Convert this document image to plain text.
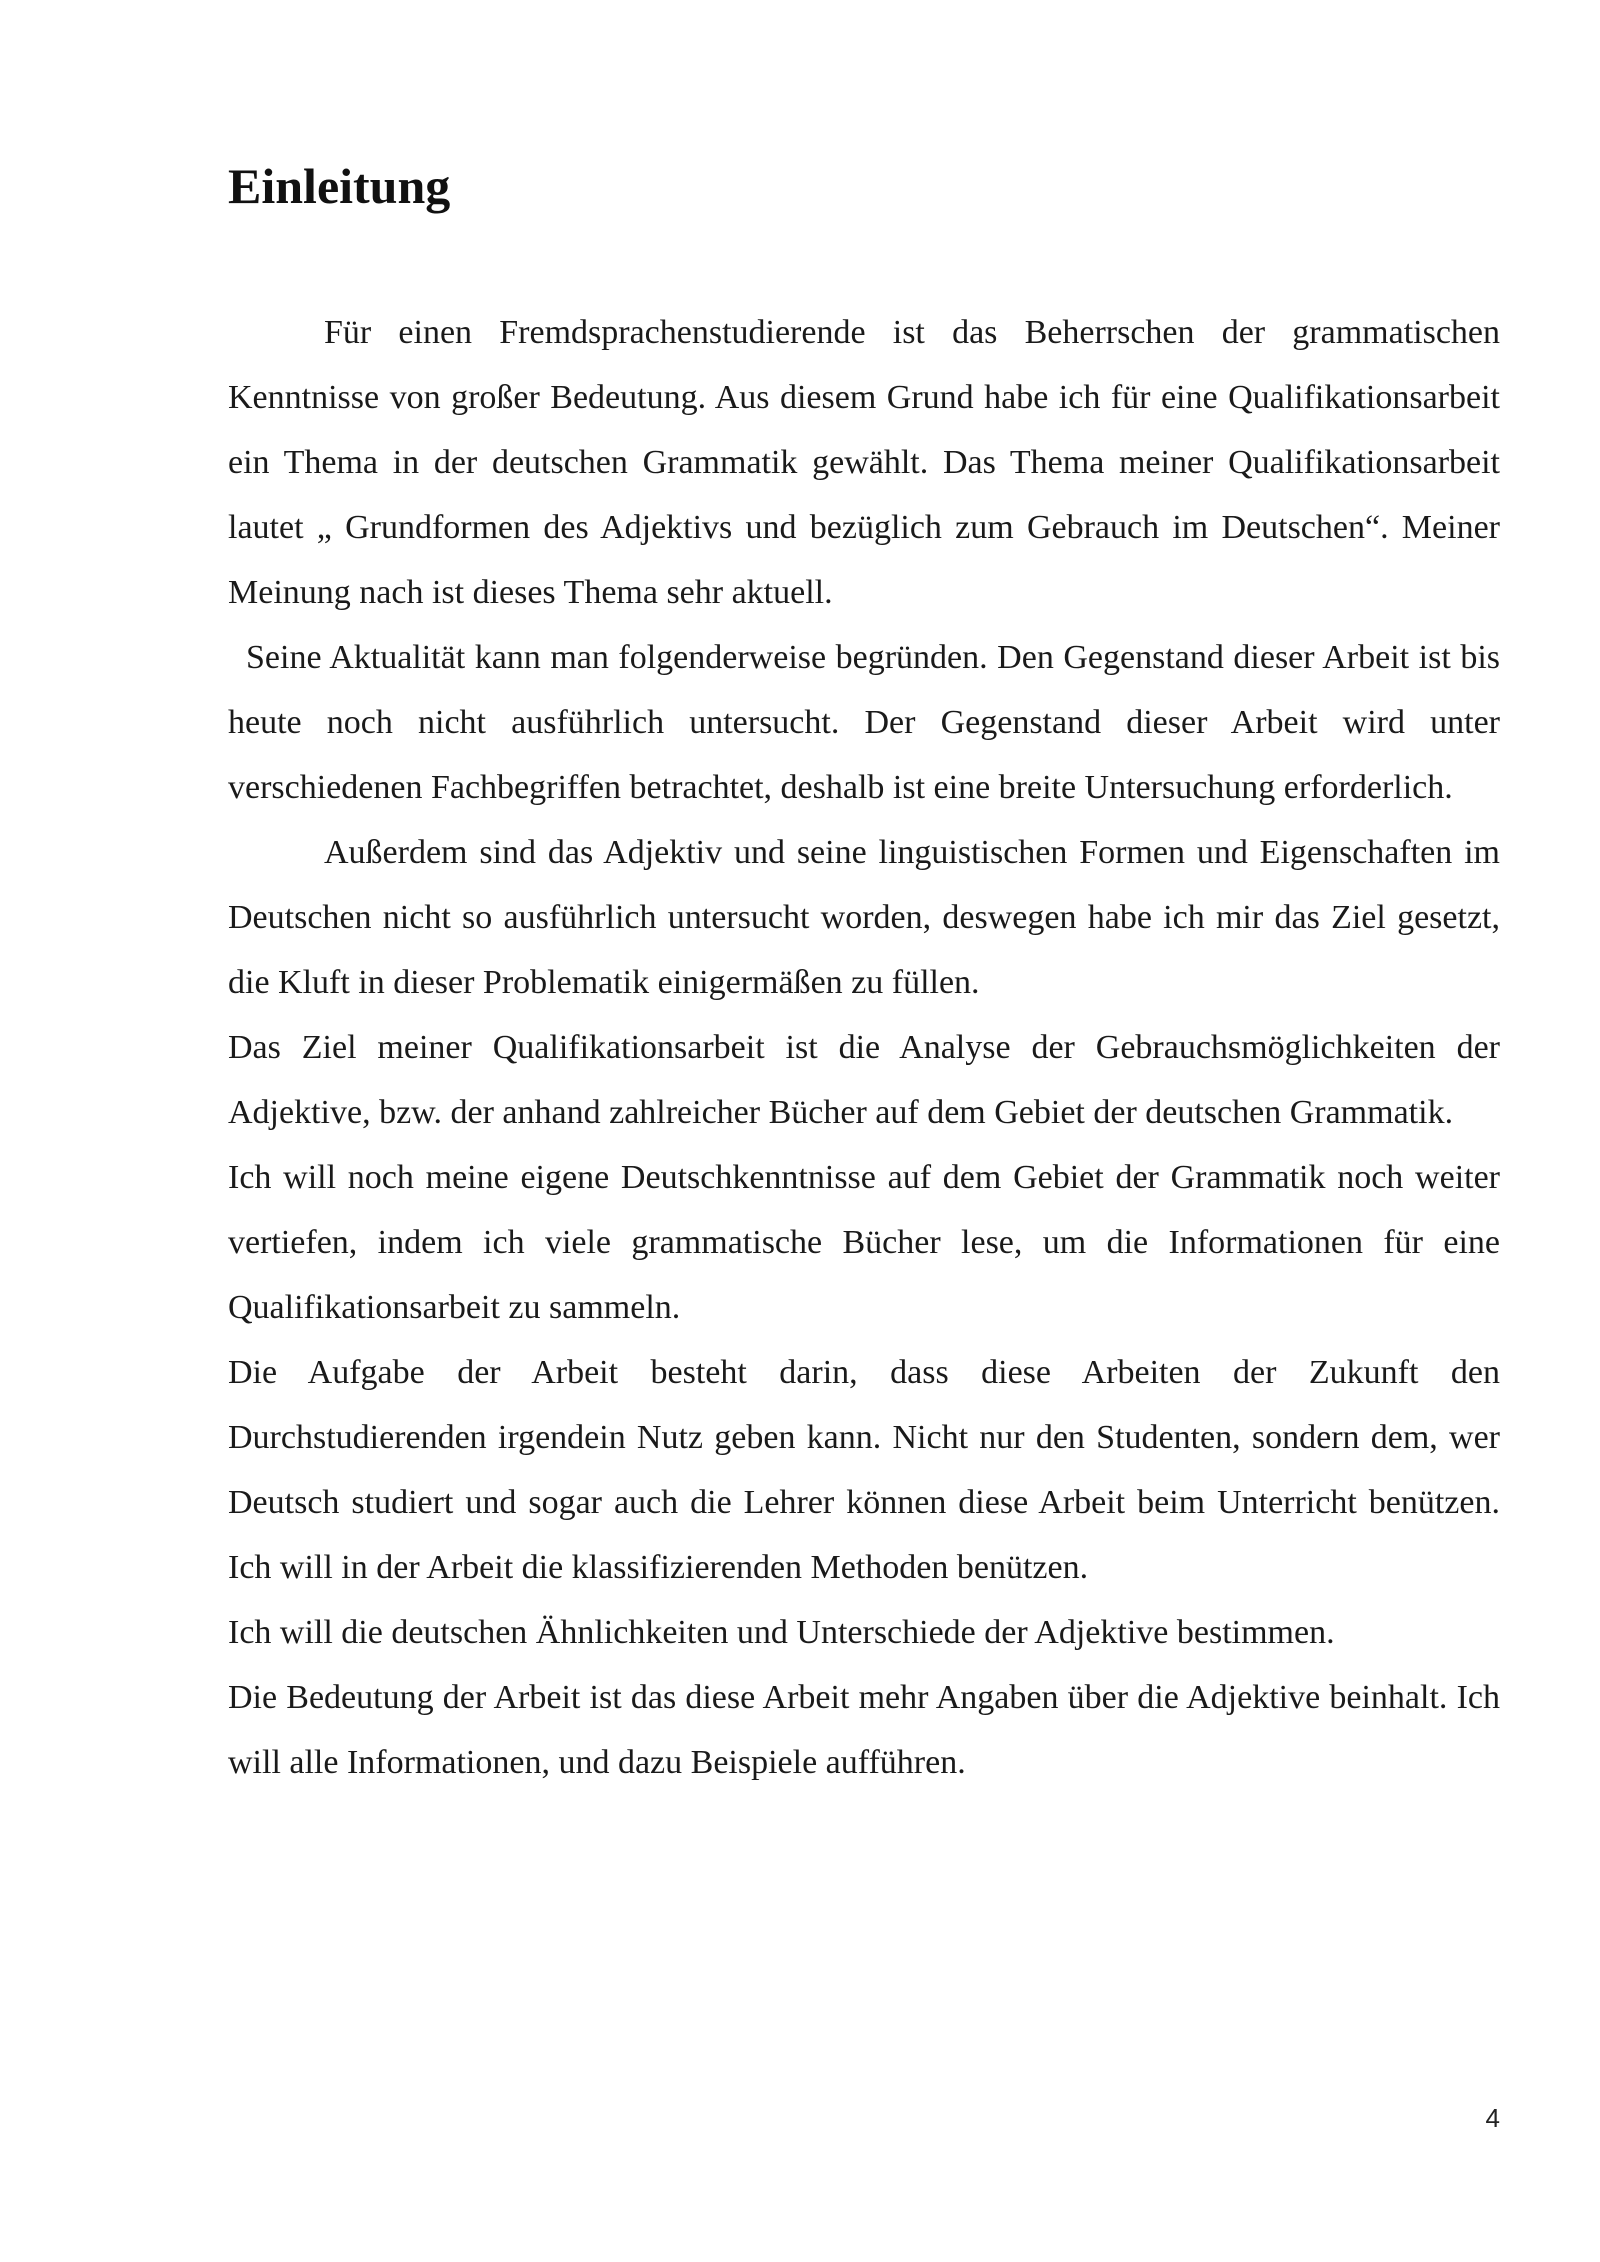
Einleitung

Für einen Fremdsprachenstudierende ist das Beherrschen der grammatischen Kenntnisse von großer Bedeutung. Aus diesem Grund habe ich für eine Qualifikationsarbeit ein Thema in der deutschen Grammatik gewählt. Das Thema meiner Qualifikationsarbeit lautet „ Grundformen des Adjektivs und bezüglich zum Gebrauch im Deutschen“. Meiner Meinung nach ist dieses Thema sehr aktuell.

Seine Aktualität kann man folgenderweise begründen. Den Gegenstand dieser Arbeit ist bis heute noch nicht ausführlich untersucht. Der Gegenstand dieser Arbeit wird unter verschiedenen Fachbegriffen betrachtet, deshalb ist eine breite Untersuchung erforderlich.

Außerdem sind das Adjektiv und seine linguistischen Formen und Eigenschaften im Deutschen nicht so ausführlich untersucht worden, deswegen habe ich mir das Ziel gesetzt, die Kluft in dieser Problematik einigermäßen zu füllen.

Das Ziel meiner Qualifikationsarbeit ist die Analyse der Gebrauchsmöglichkeiten der Adjektive, bzw. der anhand zahlreicher Bücher auf dem Gebiet der deutschen Grammatik.

Ich will noch meine eigene Deutschkenntnisse auf dem Gebiet der Grammatik noch weiter vertiefen, indem ich viele grammatische Bücher lese, um die Informationen für eine Qualifikationsarbeit zu sammeln.

Die Aufgabe der Arbeit besteht darin, dass diese Arbeiten der Zukunft den Durchstudierenden irgendein Nutz geben kann. Nicht nur den Studenten, sondern dem, wer Deutsch studiert und sogar auch die Lehrer können diese Arbeit beim Unterricht benützen. Ich will in der Arbeit die klassifizierenden Methoden benützen.

Ich will die deutschen Ähnlichkeiten und Unterschiede der Adjektive bestimmen.

Die Bedeutung der Arbeit ist das diese Arbeit mehr Angaben über die Adjektive beinhalt. Ich will alle Informationen, und dazu Beispiele aufführen.

4
